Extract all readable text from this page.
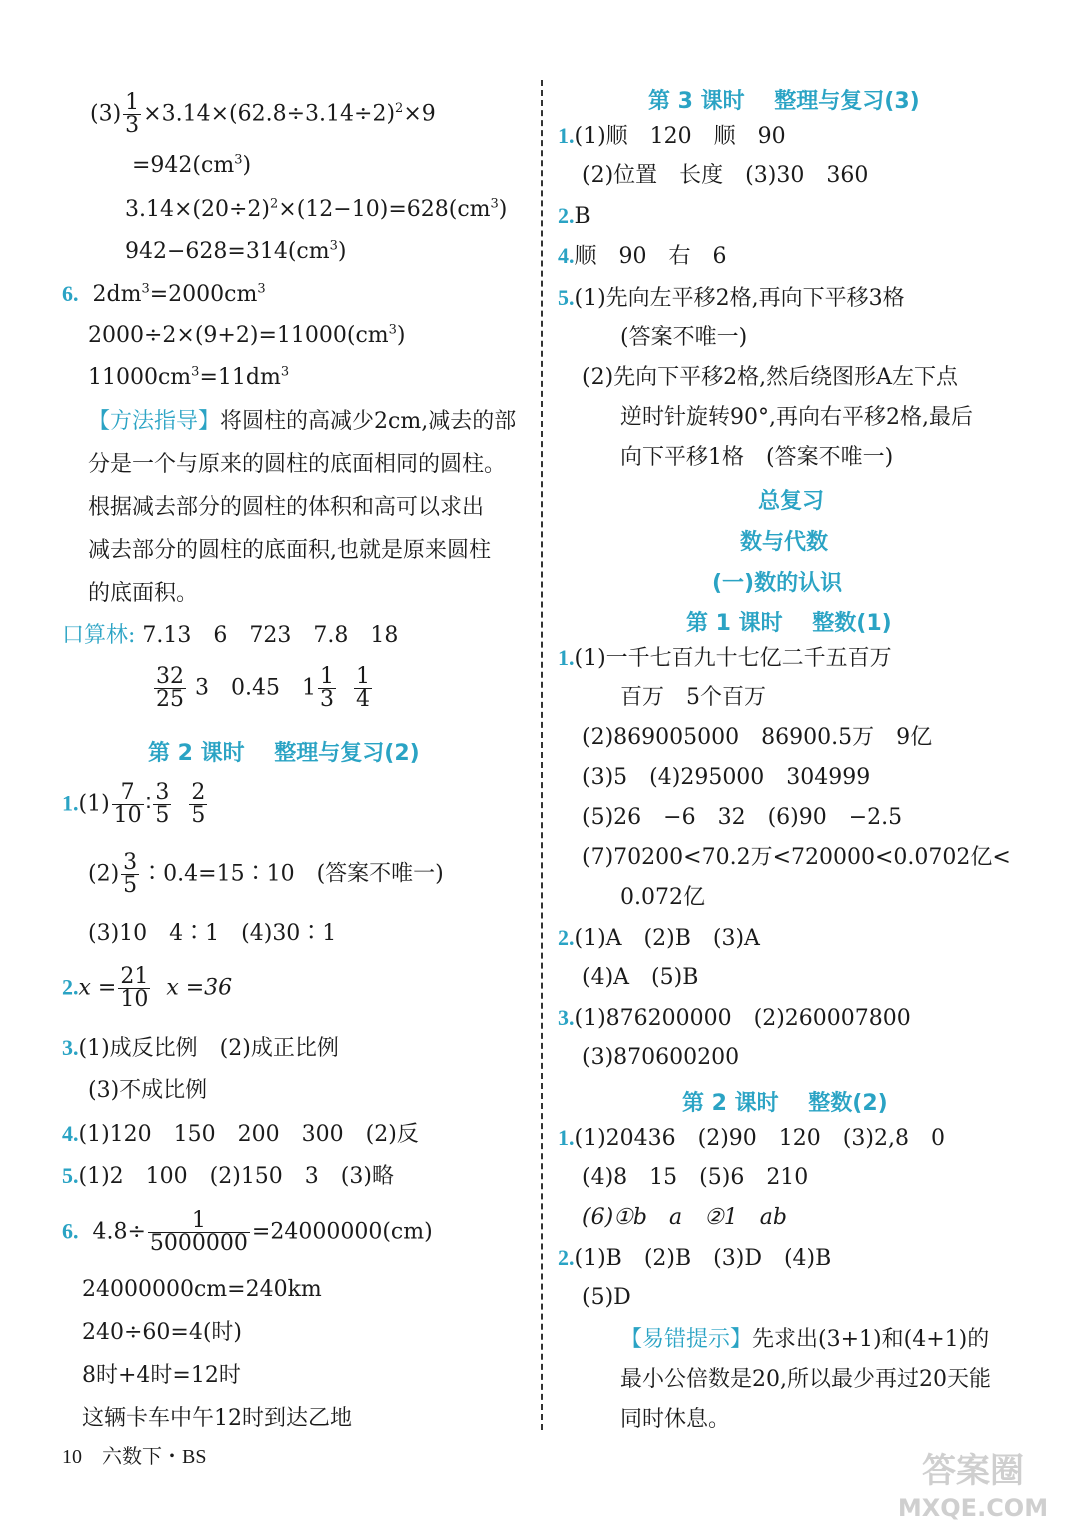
$(3) \frac{1}{3} \times 3.14\times(62.8\div 3.14\div 2)^2\times 9$
$=942(cm^3)$
$3.14\times(20\div 2)^2\times(12-10)=628(cm^3)$
$942-628=314(cm^3)$
6. $2dm^3=2000cm^3$
$2000\div 2\times(9+2)=11000(cm^3)$
$11000cm^3=11dm^3$
【方法指导】将圆柱的高减少2cm,减去的部
分是一个与原来的圆柱的底面相同的圆柱。
根据减去部分的圆柱的体积和高可以求出
减去部分的圆柱的底面积,也就是原来圆柱
的底面积。
口算林: 7.13　6　723　7.8　18
$\frac{32}{25} 3$　0.45　$1 \frac{1}{3}$
$\frac{1}{4}$
第 2 课时　 整理与复习(2)
$1.(1) \frac{7}{10}$ ∶ $\frac{3}{5}$
$\frac{2}{5}$
$(2) \frac{3}{5}$ ∶0.4=15∶10　(答案不唯一)
(3)10　4∶1　(4)30∶1
$2.x = \frac{21}{10}$ x =36
3.(1)成反比例　(2)成正比例
(3)不成比例
4.(1)120　150　200　300　(2)反
5.(1)2　100　(2)150　3　(3)略
6. $4.8\div \frac{1}{5000000} =24000000(cm)$
24000000cm=240km
240÷60=4(时)
8时+4时=12时
这辆卡车中午12时到达乙地
第 3 课时　 整理与复习(3)
1.(1)顺　120　顺　90
(2)位置　长度　(3)30　360
2.B
4.顺　90　右　6
5.(1)先向左平移2格,再向下平移3格
(答案不唯一)
(2)先向下平移2格,然后绕图形A左下点
逆时针旋转90°,再向右平移2格,最后
向下平移1格　(答案不唯一)
总复习
数与代数
(一)数的认识
第 1 课时　 整数(1)
1.(1)一千七百九十七亿二千五百万
百万　5个百万
(2)869005000　86900.5万　9亿
(3)5　(4)295000　304999
(5)26　−6　32　(6)90　−2.5
(7)70200<70.2万<720000<0.0702亿<
0.072亿
2.(1)A　(2)B　(3)A
(4)A　(5)B
3.(1)876200000　(2)260007800
(3)870600200
第 2 课时　 整数(2)
1.(1)20436　(2)90　120　(3)2,8　0
(4)8　15　(5)6　210
(6)①b　a　②1　ab
2.(1)B　(2)B　(3)D　(4)B
(5)D
【易错提示】先求出(3+1)和(4+1)的
最小公倍数是20,所以最少再过20天能
同时休息。
10　六数下・BS	答案圈
MXQE.COM
